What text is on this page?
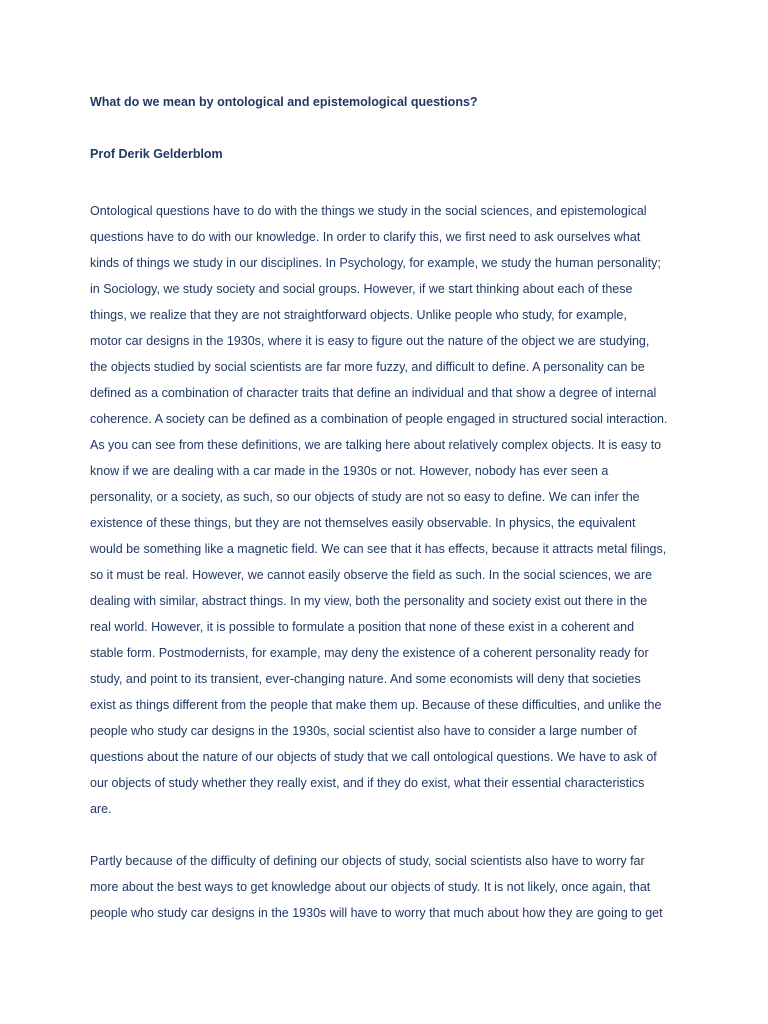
What do we mean by ontological and epistemological questions?

Prof Derik Gelderblom

Ontological questions have to do with the things we study in the social sciences, and epistemological
questions have to do with our knowledge. In order to clarify this, we first need to ask ourselves what
kinds of things we study in our disciplines. In Psychology, for example, we study the human personality;
in Sociology, we study society and social groups. However, if we start thinking about each of these
things, we realize that they are not straightforward objects. Unlike people who study, for example,
motor car designs in the 1930s, where it is easy to figure out the nature of the object we are studying,
the objects studied by social scientists are far more fuzzy, and difficult to define. A personality can be
defined as a combination of character traits that define an individual and that show a degree of internal
coherence. A society can be defined as a combination of people engaged in structured social interaction.
As you can see from these definitions, we are talking here about relatively complex objects. It is easy to
know if we are dealing with a car made in the 1930s or not. However, nobody has ever seen a
personality, or a society, as such, so our objects of study are not so easy to define. We can infer the
existence of these things, but they are not themselves easily observable. In physics, the equivalent
would be something like a magnetic field. We can see that it has effects, because it attracts metal filings,
so it must be real. However, we cannot easily observe the field as such. In the social sciences, we are
dealing with similar, abstract things. In my view, both the personality and society exist out there in the
real world. However, it is possible to formulate a position that none of these exist in a coherent and
stable form. Postmodernists, for example, may deny the existence of a coherent personality ready for
study, and point to its transient, ever-changing nature. And some economists will deny that societies
exist as things different from the people that make them up. Because of these difficulties, and unlike the
people who study car designs in the 1930s, social scientist also have to consider a large number of
questions about the nature of our objects of study that we call ontological questions. We have to ask of
our objects of study whether they really exist, and if they do exist, what their essential characteristics
are.

Partly because of the difficulty of defining our objects of study, social scientists also have to worry far
more about the best ways to get knowledge about our objects of study. It is not likely, once again, that
people who study car designs in the 1930s will have to worry that much about how they are going to get
